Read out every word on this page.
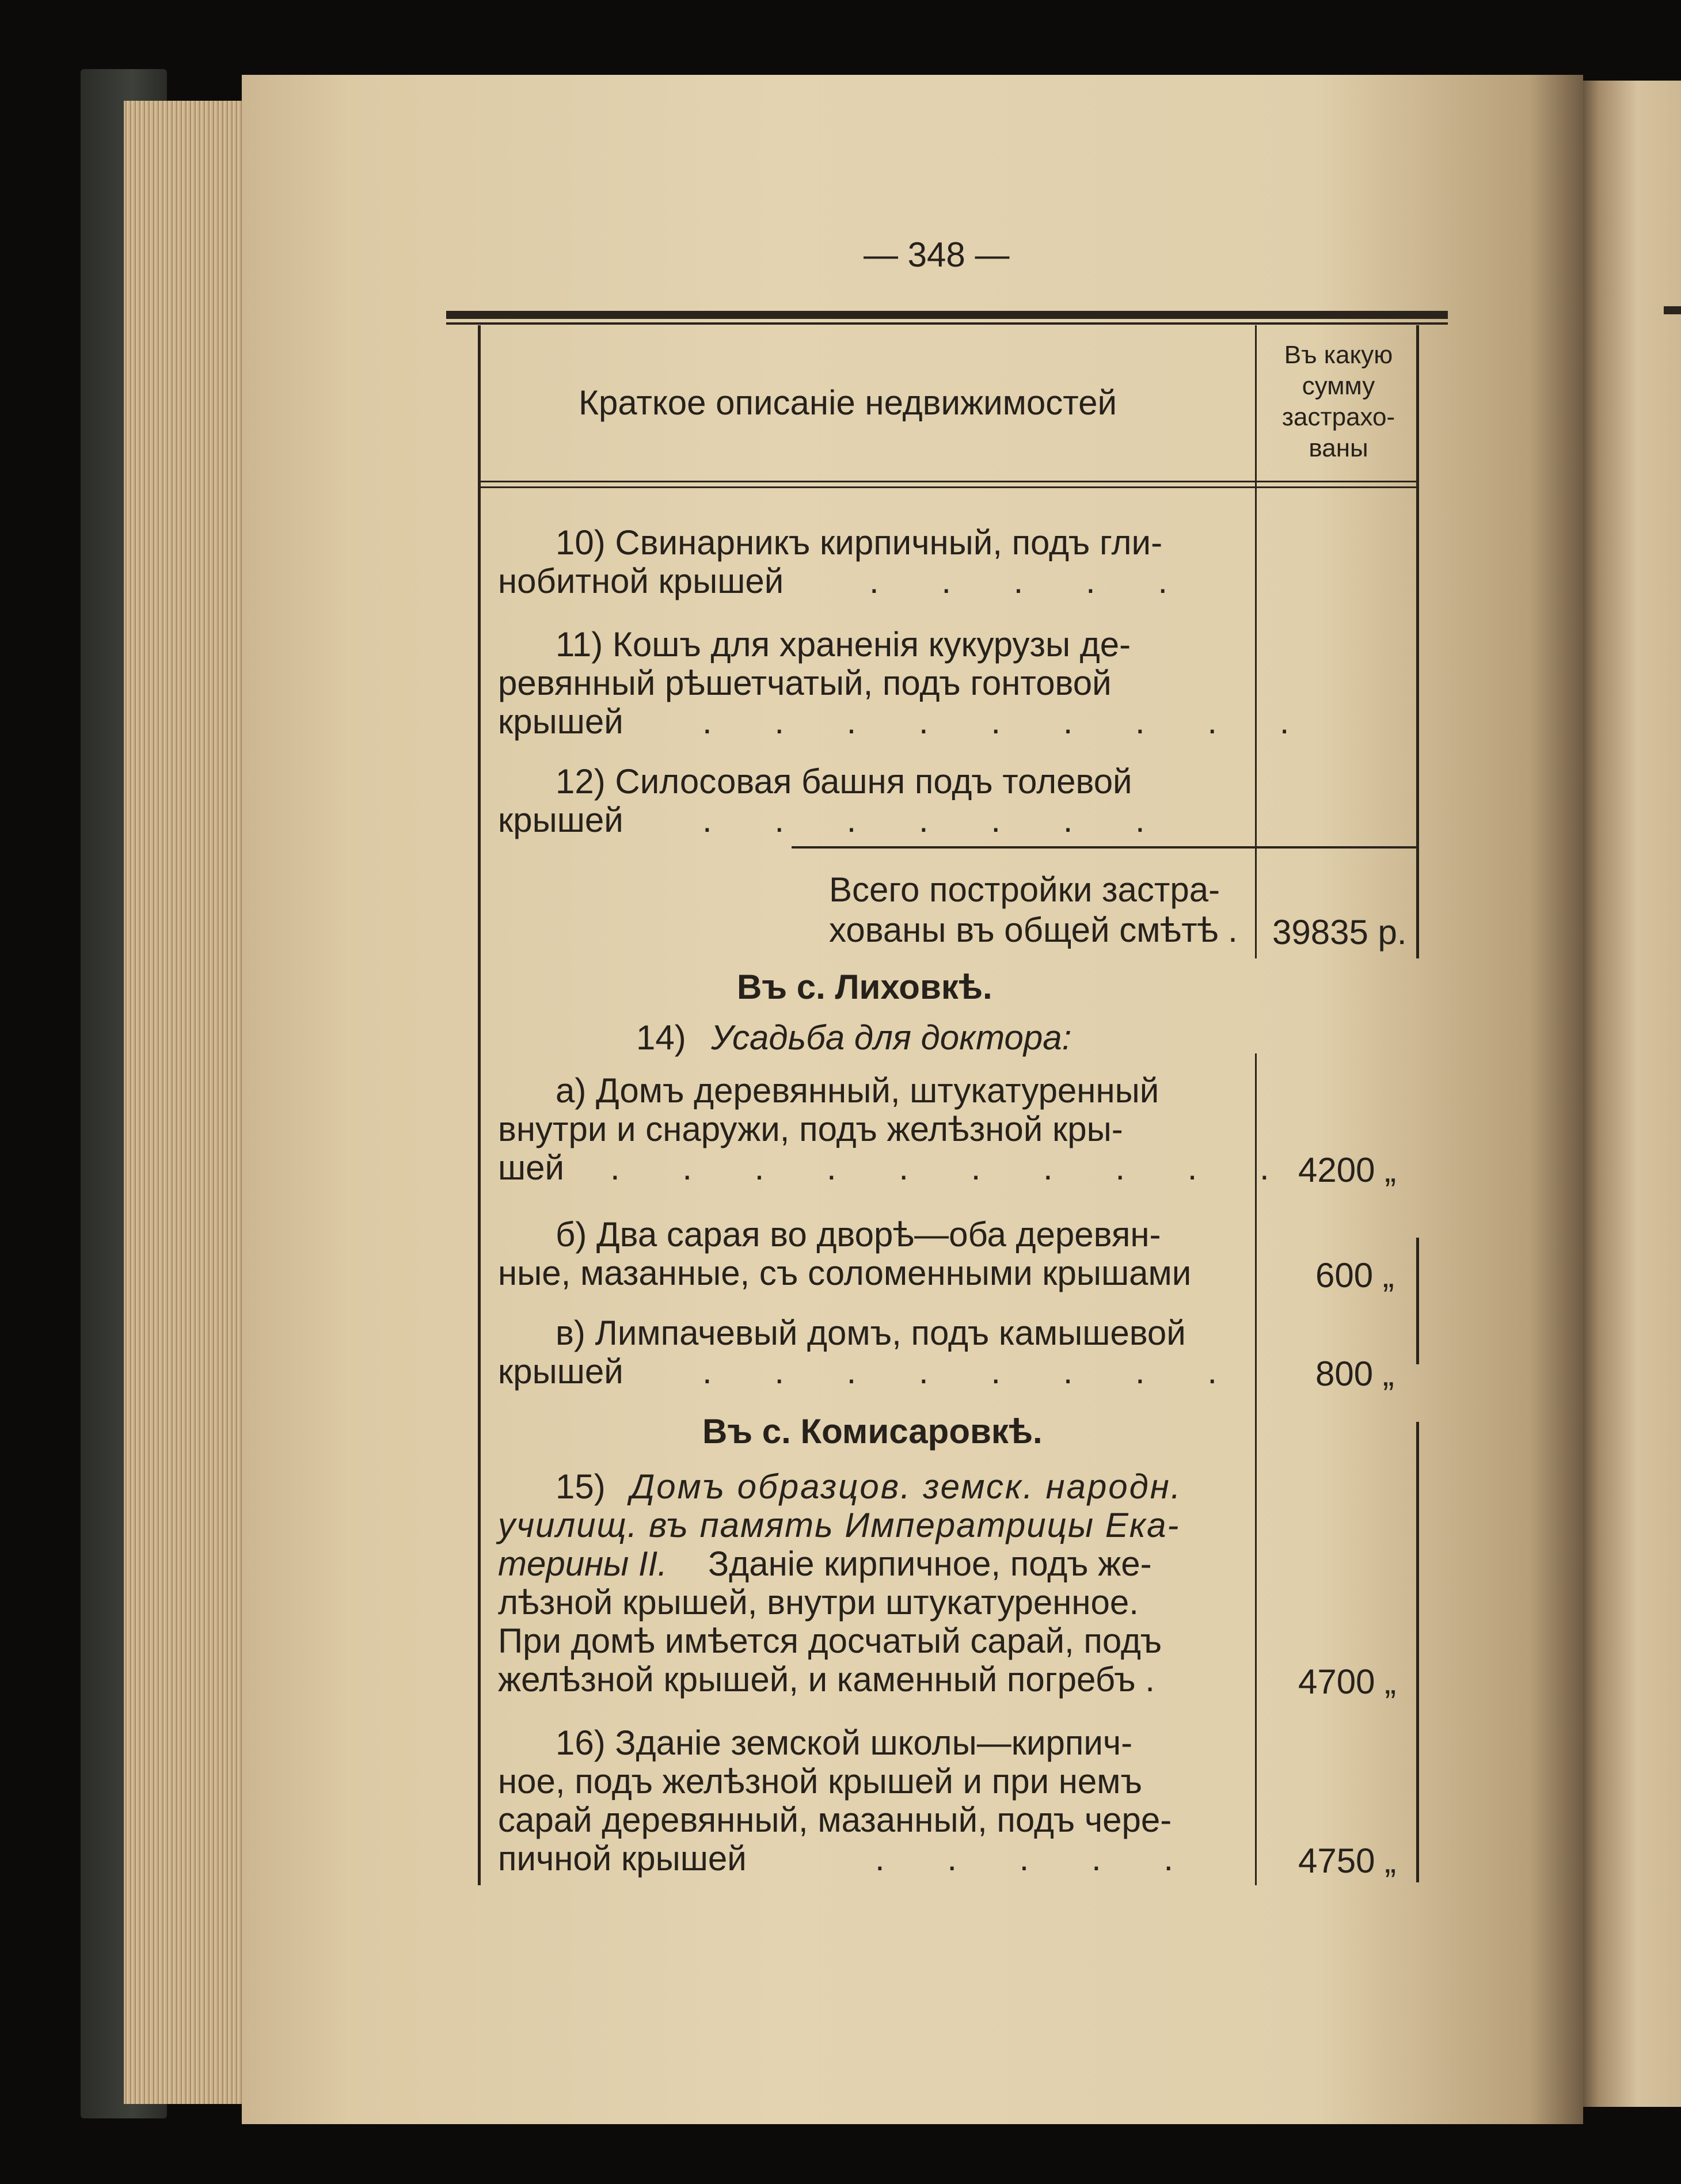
— 348 —
Краткое описаніе недвижимостей
Въ какую
сумму
застрахо-
ваны
10) Свинарникъ кирпичный, подъ гли-
нобитной крышей . . . . .
11) Кошъ для храненія кукурузы де-
ревянный рѣшетчатый, подъ гонтовой
крышей . . . . . . . . .
12) Силосовая башня подъ толевой
крышей . . . . . . .
Всего постройки застра-
хованы въ общей смѣтѣ . 39835 р.
Въ с. Лиховкѣ.
14) Усадьба для доктора:
а) Домъ деревянный, штукатуренный
внутри и снаружи, подъ желѣзной кры-
шей . . . . . . . . . . 4200 „
б) Два сарая во дворѣ—оба деревян-
ные, мазанные, съ соломенными крышами	600 „
в) Лимпачевый домъ, подъ камышевой
крышей . . . . . . . . 800 „
Въ с. Комисаровкѣ.
15) Домъ образцов. земск. народн.
училищ. въ память Императрицы Ека-
терины II. Зданіе кирпичное, подъ же-
лѣзной крышей, внутри штукатуренное.
При домѣ имѣется досчатый сарай, подъ
желѣзной крышей, и каменный погребъ .	4700 „
16) Зданіе земской школы—кирпич-
ное, подъ желѣзной крышей и при немъ
сарай деревянный, мазанный, подъ чере-
пичной крышей	. . . . .	4750 „
